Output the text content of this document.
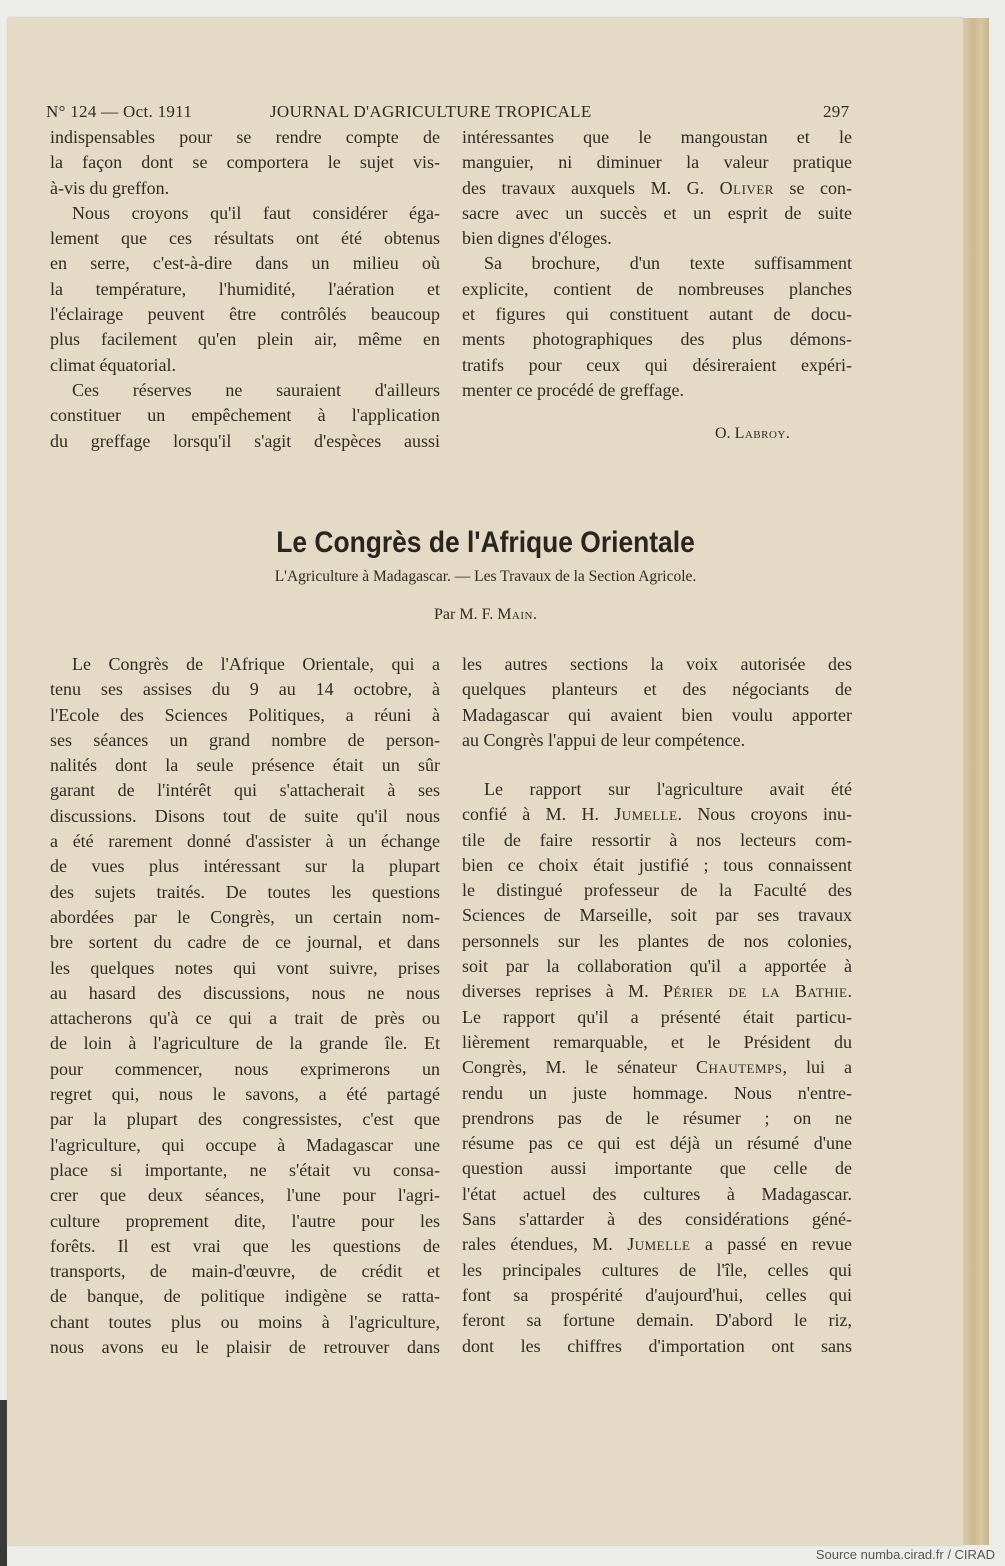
N° 124 — Oct. 1911	JOURNAL D'AGRICULTURE TROPICALE	297
indispensables pour se rendre compte de
la façon dont se comportera le sujet vis-
à-vis du greffon.
Nous croyons qu'il faut considérer éga-
lement que ces résultats ont été obtenus
en serre, c'est-à-dire dans un milieu où
la température, l'humidité, l'aération et
l'éclairage peuvent être contrôlés beaucoup
plus facilement qu'en plein air, même en
climat équatorial.
Ces réserves ne sauraient d'ailleurs
constituer un empêchement à l'application
du greffage lorsqu'il s'agit d'espèces aussi
intéressantes que le mangoustan et le
manguier, ni diminuer la valeur pratique
des travaux auxquels M. G. Oliver se con-
sacre avec un succès et un esprit de suite
bien dignes d'éloges.
Sa brochure, d'un texte suffisamment
explicite, contient de nombreuses planches
et figures qui constituent autant de docu-
ments photographiques des plus démons-
tratifs pour ceux qui désireraient expéri-
menter ce procédé de greffage.
O. Labroy.
Le Congrès de l'Afrique Orientale
L'Agriculture à Madagascar. — Les Travaux de la Section Agricole.
Par M. F. Main.
Le Congrès de l'Afrique Orientale, qui a
tenu ses assises du 9 au 14 octobre, à
l'Ecole des Sciences Politiques, a réuni à
ses séances un grand nombre de person-
nalités dont la seule présence était un sûr
garant de l'intérêt qui s'attacherait à ses
discussions. Disons tout de suite qu'il nous
a été rarement donné d'assister à un échange
de vues plus intéressant sur la plupart
des sujets traités. De toutes les questions
abordées par le Congrès, un certain nom-
bre sortent du cadre de ce journal, et dans
les quelques notes qui vont suivre, prises
au hasard des discussions, nous ne nous
attacherons qu'à ce qui a trait de près ou
de loin à l'agriculture de la grande île. Et
pour commencer, nous exprimerons un
regret qui, nous le savons, a été partagé
par la plupart des congressistes, c'est que
l'agriculture, qui occupe à Madagascar une
place si importante, ne s'était vu consa-
crer que deux séances, l'une pour l'agri-
culture proprement dite, l'autre pour les
forêts. Il est vrai que les questions de
transports, de main-d'œuvre, de crédit et
de banque, de politique indigène se ratta-
chant toutes plus ou moins à l'agriculture,
nous avons eu le plaisir de retrouver dans
les autres sections la voix autorisée des
quelques planteurs et des négociants de
Madagascar qui avaient bien voulu apporter
au Congrès l'appui de leur compétence.
Le rapport sur l'agriculture avait été
confié à M. H. Jumelle. Nous croyons inu-
tile de faire ressortir à nos lecteurs com-
bien ce choix était justifié ; tous connaissent
le distingué professeur de la Faculté des
Sciences de Marseille, soit par ses travaux
personnels sur les plantes de nos colonies,
soit par la collaboration qu'il a apportée à
diverses reprises à M. Périer de la Bathie.
Le rapport qu'il a présenté était particu-
lièrement remarquable, et le Président du
Congrès, M. le sénateur Chautemps, lui a
rendu un juste hommage. Nous n'entre-
prendrons pas de le résumer ; on ne
résume pas ce qui est déjà un résumé d'une
question aussi importante que celle de
l'état actuel des cultures à Madagascar.
Sans s'attarder à des considérations géné-
rales étendues, M. Jumelle a passé en revue
les principales cultures de l'île, celles qui
font sa prospérité d'aujourd'hui, celles qui
feront sa fortune demain. D'abord le riz,
dont les chiffres d'importation ont sans
Source numba.cirad.fr / CIRAD
